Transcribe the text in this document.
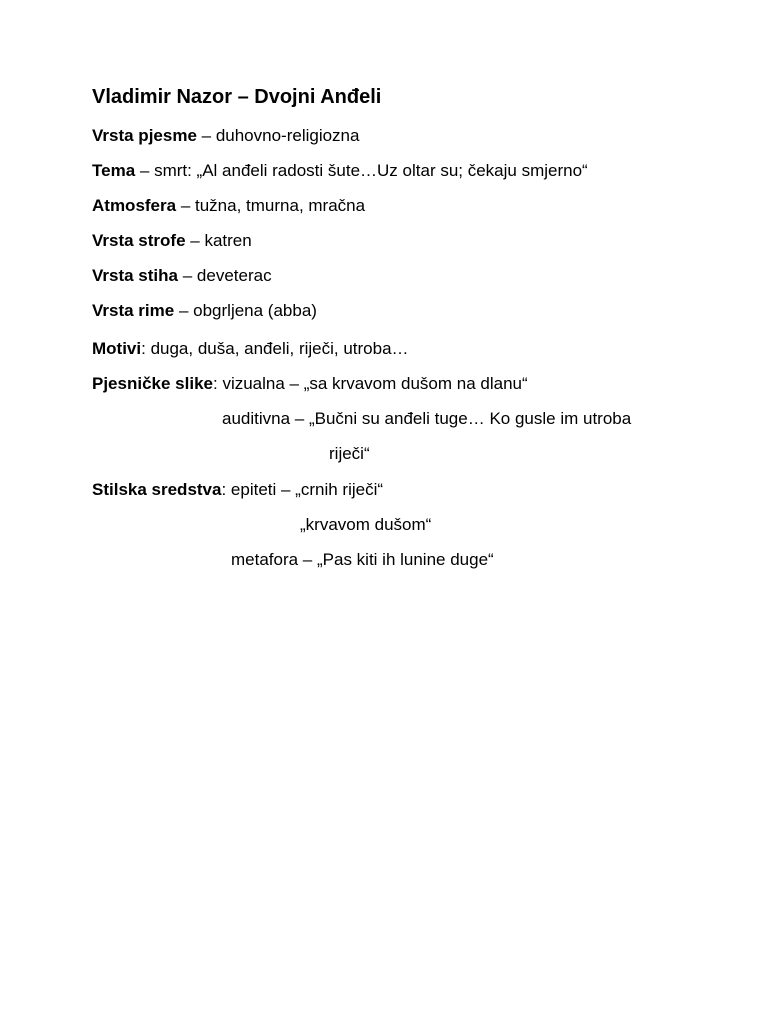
Vladimir Nazor – Dvojni Anđeli
Vrsta pjesme – duhovno-religiozna
Tema – smrt: „Al anđeli radosti šute…Uz oltar su; čekaju smjerno“
Atmosfera – tužna, tmurna, mračna
Vrsta strofe – katren
Vrsta stiha – deveterac
Vrsta rime – obgrljena (abba)
Motivi: duga, duša, anđeli, riječi, utroba…
Pjesničke slike: vizualna – „sa krvavom dušom na dlanu“
auditivna – „Bučni su anđeli tuge… Ko gusle im utroba
riječi“
Stilska sredstva: epiteti – „crnih riječi“
„krvavom dušom“
metafora – „Pas kiti ih lunine duge“
